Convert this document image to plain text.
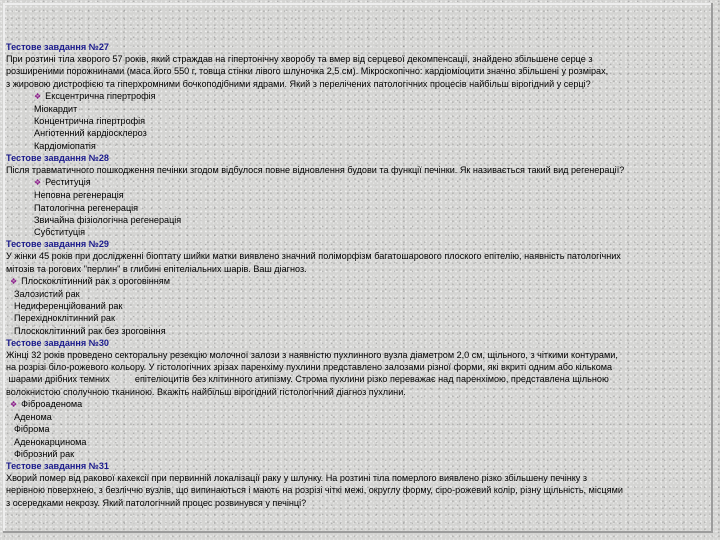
Тестове завдання №27
При розтині тіла хворого 57 років, який страждав на гіпертонічну хворобу та вмер від серцевої декомпенсації, знайдено збільшене серце з
розширеними порожнинами (маса його 550 г, товща стінки лівого шлуночка 2,5 см). Мікроскопічно: кардіоміоцити значно збільшені у розмірах,
з жировою дистрофією та гіперхромними бочкоподібними ядрами. Який з перелічених патологічних процесів найбільш вірогідний у серці?
❖ Ексцентрична гіпертрофія
Міокардит
Концентрична гіпертрофія
Ангіотенний кардіосклероз
Кардіоміопатія
Тестове завдання №28
Після травматичного пошкодження печінки згодом відбулося повне відновлення будови та функції печінки. Як називається такий вид регенерації?
❖ Реституція
Неповна регенерація
Патологічна регенерація
Звичайна фізіологічна регенерація
Субституція
Тестове завдання №29
У жінки 45 років при дослідженні біоптату шийки матки виявлено значний поліморфізм багатошарового плоского епітелію, наявність патологічних
мітозів та рогових "перлин" в глибині епітеліальних шарів. Ваш діагноз.
❖ Плоскоклітинний рак з ороговінням
Залозистий рак
Недиференційований рак
Перехідноклітинний рак
Плоскоклітинний рак без зроговіння
Тестове завдання №30
Жінці 32 років проведено секторальну резекцію молочної залози з наявністю пухлинного вузла діаметром 2,0 см, щільного, з чіткими контурами,
на розрізі біло-рожевого кольору. У гістологічних зрізах паренхіму пухлини представлено залозами різної форми, які вкриті одним або кількома
шарами дрібних темних          епітеліоцитів без клітинного атипізму. Строма пухлини різко переважає над паренхімою, представлена щільною
волокнистою сполучною тканиною. Вкажіть найбільш вірогідний гістологічний діагноз пухлини.
❖ Фіброаденома
Аденома
Фіброма
Аденокарцинома
Фіброзний рак
Тестове завдання №31
Хворий помер від ракової кахексії при первинній локалізації раку у шлунку. На розтині тіла померлого виявлено різко збільшену печінку з
нерівною поверхнею, з безліччю вузлів, що випинаються і мають на розрізі чіткі межі, округлу форму, сіро-рожевий колір, різну щільність, місцями
з осередками некрозу. Який патологічний процес розвинувся у печінці?
